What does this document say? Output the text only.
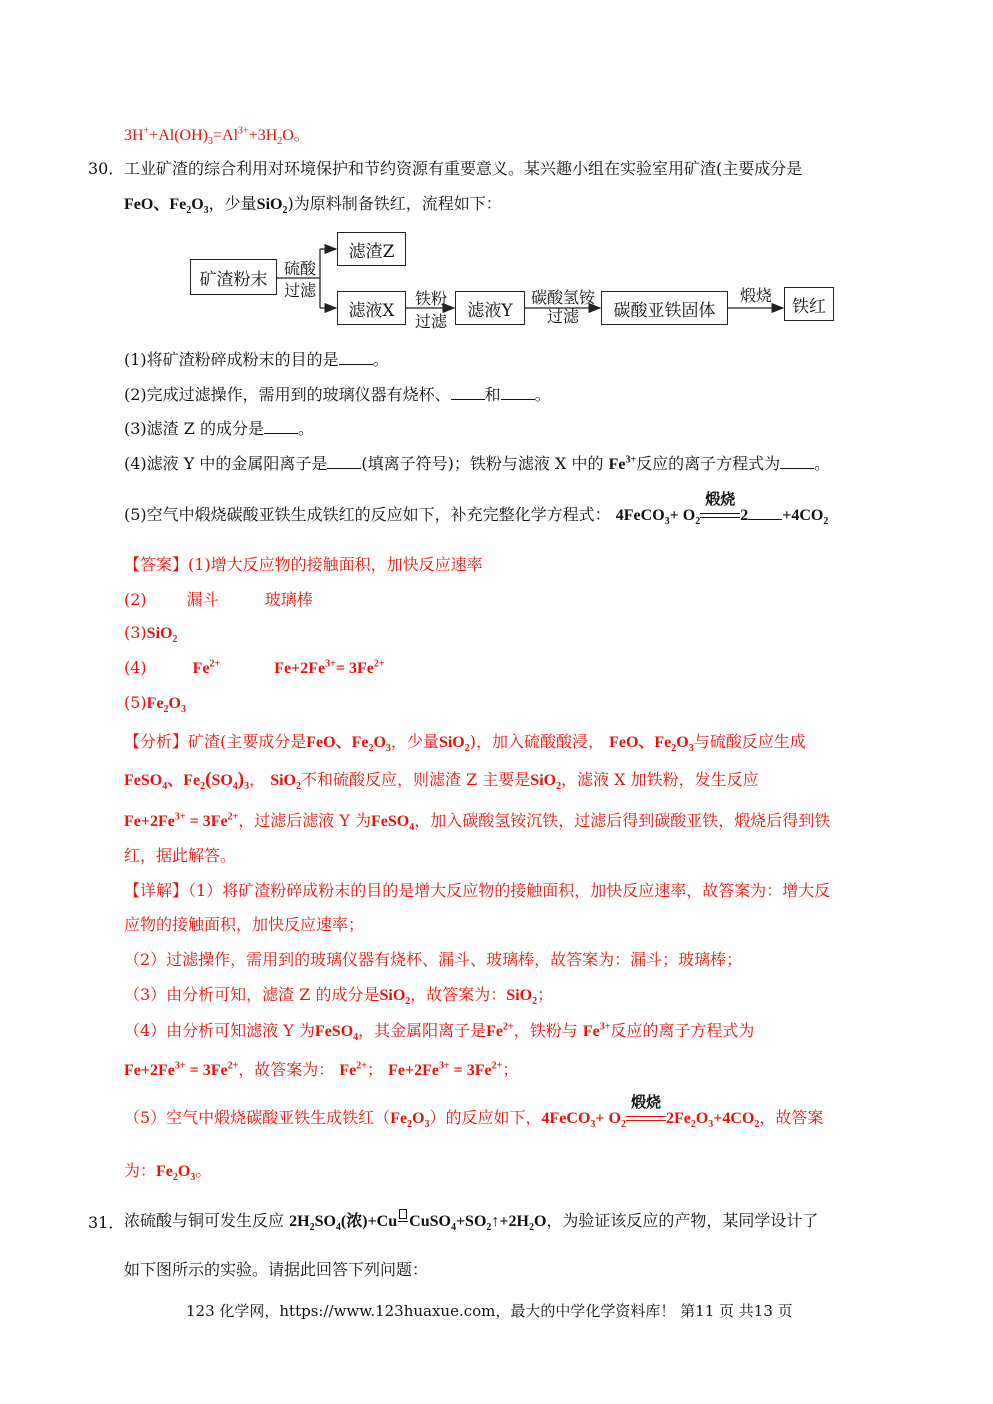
$3H^++Al(OH)_3=Al^{3+}+3H_2O$。
30． 工业矿渣的综合利用对环境保护和节约资源有重要意义。某兴趣小组在实验室用矿渣(主要成分是
FeO、$Fe_2O_3$，少量SiO$_2$)为原料制备铁红，流程如下：
矿渣粉末
滤渣Z
滤液X	滤液Y	碳酸亚铁固体	铁红
硫酸
过滤	铁粉
过滤
碳酸氢铵
过滤
煅烧
(1)将矿渣粉碎成粉末的目的是 。
(2)完成过滤操作，需用到的玻璃仪器有烧杯、 和 。
(3)滤渣 Z 的成分是 。
(4)滤液 Y 中的金属阳离子是 (填离子符号)；铁粉与滤液 X 中的 $Fe^{3+}$反应的离子方程式为 。
(5)空气中煅烧碳酸亚铁生成铁红的反应如下，补充完整化学方程式： 4FeCO$_3$+ $O_2$
煅烧
$2 +4CO_2$
【答案】(1)增大反应物的接触面积，加快反应速率
(2)	漏斗	玻璃棒
(3)SiO$_2$
(4)	$Fe^{2+}$	$Fe+2Fe^{3+}= 3Fe^{2+}$
$(5)Fe_2O_3$
【分析】矿渣(主要成分是FeO、$Fe_2O_3$，少量SiO$_2$)，加入硫酸酸浸， FeO、$Fe_2O_3$与硫酸反应生成
FeSO$_4$、$Fe_2(SO_4)_3$， SiO$_2$不和硫酸反应，则滤渣 Z 主要是SiO$_2$，滤液 X 加铁粉，发生反应
$Fe+2Fe^{3+} = 3Fe^{2+}$，过滤后滤液 Y 为FeSO$_4$，加入碳酸氢铵沉铁，过滤后得到碳酸亚铁，煅烧后得到铁
红，据此解答。
【详解】（1）将矿渣粉碎成粉末的目的是增大反应物的接触面积，加快反应速率，故答案为：增大反
应物的接触面积，加快反应速率；
（2）过滤操作，需用到的玻璃仪器有烧杯、漏斗、玻璃棒，故答案为：漏斗；玻璃棒；
（3）由分析可知，滤渣 Z 的成分是SiO$_2$，故答案为：SiO$_2$；
（4）由分析可知滤液 Y 为FeSO$_4$，其金属阳离子是$Fe^{2+}$，铁粉与 $Fe^{3+}$反应的离子方程式为
$Fe+2Fe^{3+} = 3Fe^{2+}$，故答案为： $Fe^{2+}$； $Fe+2Fe^{3+} = 3Fe^{2+}$；
（5）空气中煅烧碳酸亚铁生成铁红$(Fe_2O_3)$的反应如下，4FeCO$_3$+ $O_2$
煅烧
$2Fe_2O_3+4CO_2$，故答案
为：$Fe_2O_3$。
31． 浓硫酸与铜可发生反应 $2H_2SO_4$(浓)+Cu $CuSO_4+SO_2↑+2H_2O$，为验证该反应的产物，某同学设计了
如下图所示的实验。请据此回答下列问题：
123 化学网，https://www.123huaxue.com，最大的中学化学资料库！ 第11 页 共13 页
